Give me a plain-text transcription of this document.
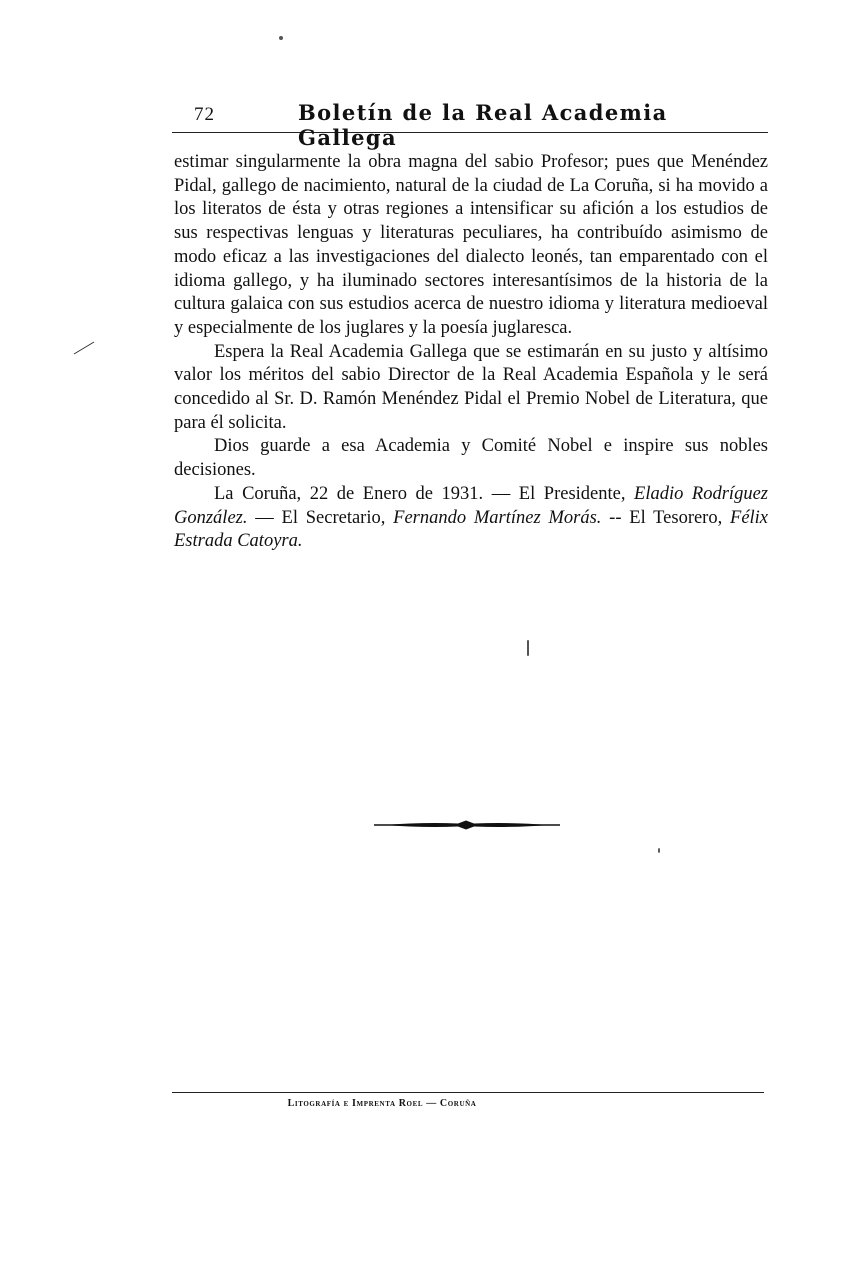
72	Boletín de la Real Academia Gallega

estimar singularmente la obra magna del sabio Profesor; pues que Menéndez Pidal, gallego de nacimiento, natural de la ciudad de La Coruña, si ha movido a los literatos de ésta y otras regiones a intensificar su afición a los estudios de sus respectivas lenguas y literaturas peculiares, ha contribuído asimismo de modo eficaz a las investigaciones del dialecto leonés, tan emparentado con el idioma gallego, y ha iluminado sectores interesantísimos de la historia de la cultura galaica con sus estudios acerca de nuestro idioma y literatura medioeval y especialmente de los juglares y la poesía juglaresca.

Espera la Real Academia Gallega que se estimarán en su justo y altísimo valor los méritos del sabio Director de la Real Academia Española y le será concedido al Sr. D. Ramón Menéndez Pidal el Premio Nobel de Literatura, que para él solicita.

Dios guarde a esa Academia y Comité Nobel e inspire sus nobles decisiones.

La Coruña, 22 de Enero de 1931. — El Presidente, Eladio Rodríguez González. — El Secretario, Fernando Martínez Morás. -- El Tesorero, Félix Estrada Catoyra.

Litografía e Imprenta Roel — Coruña
